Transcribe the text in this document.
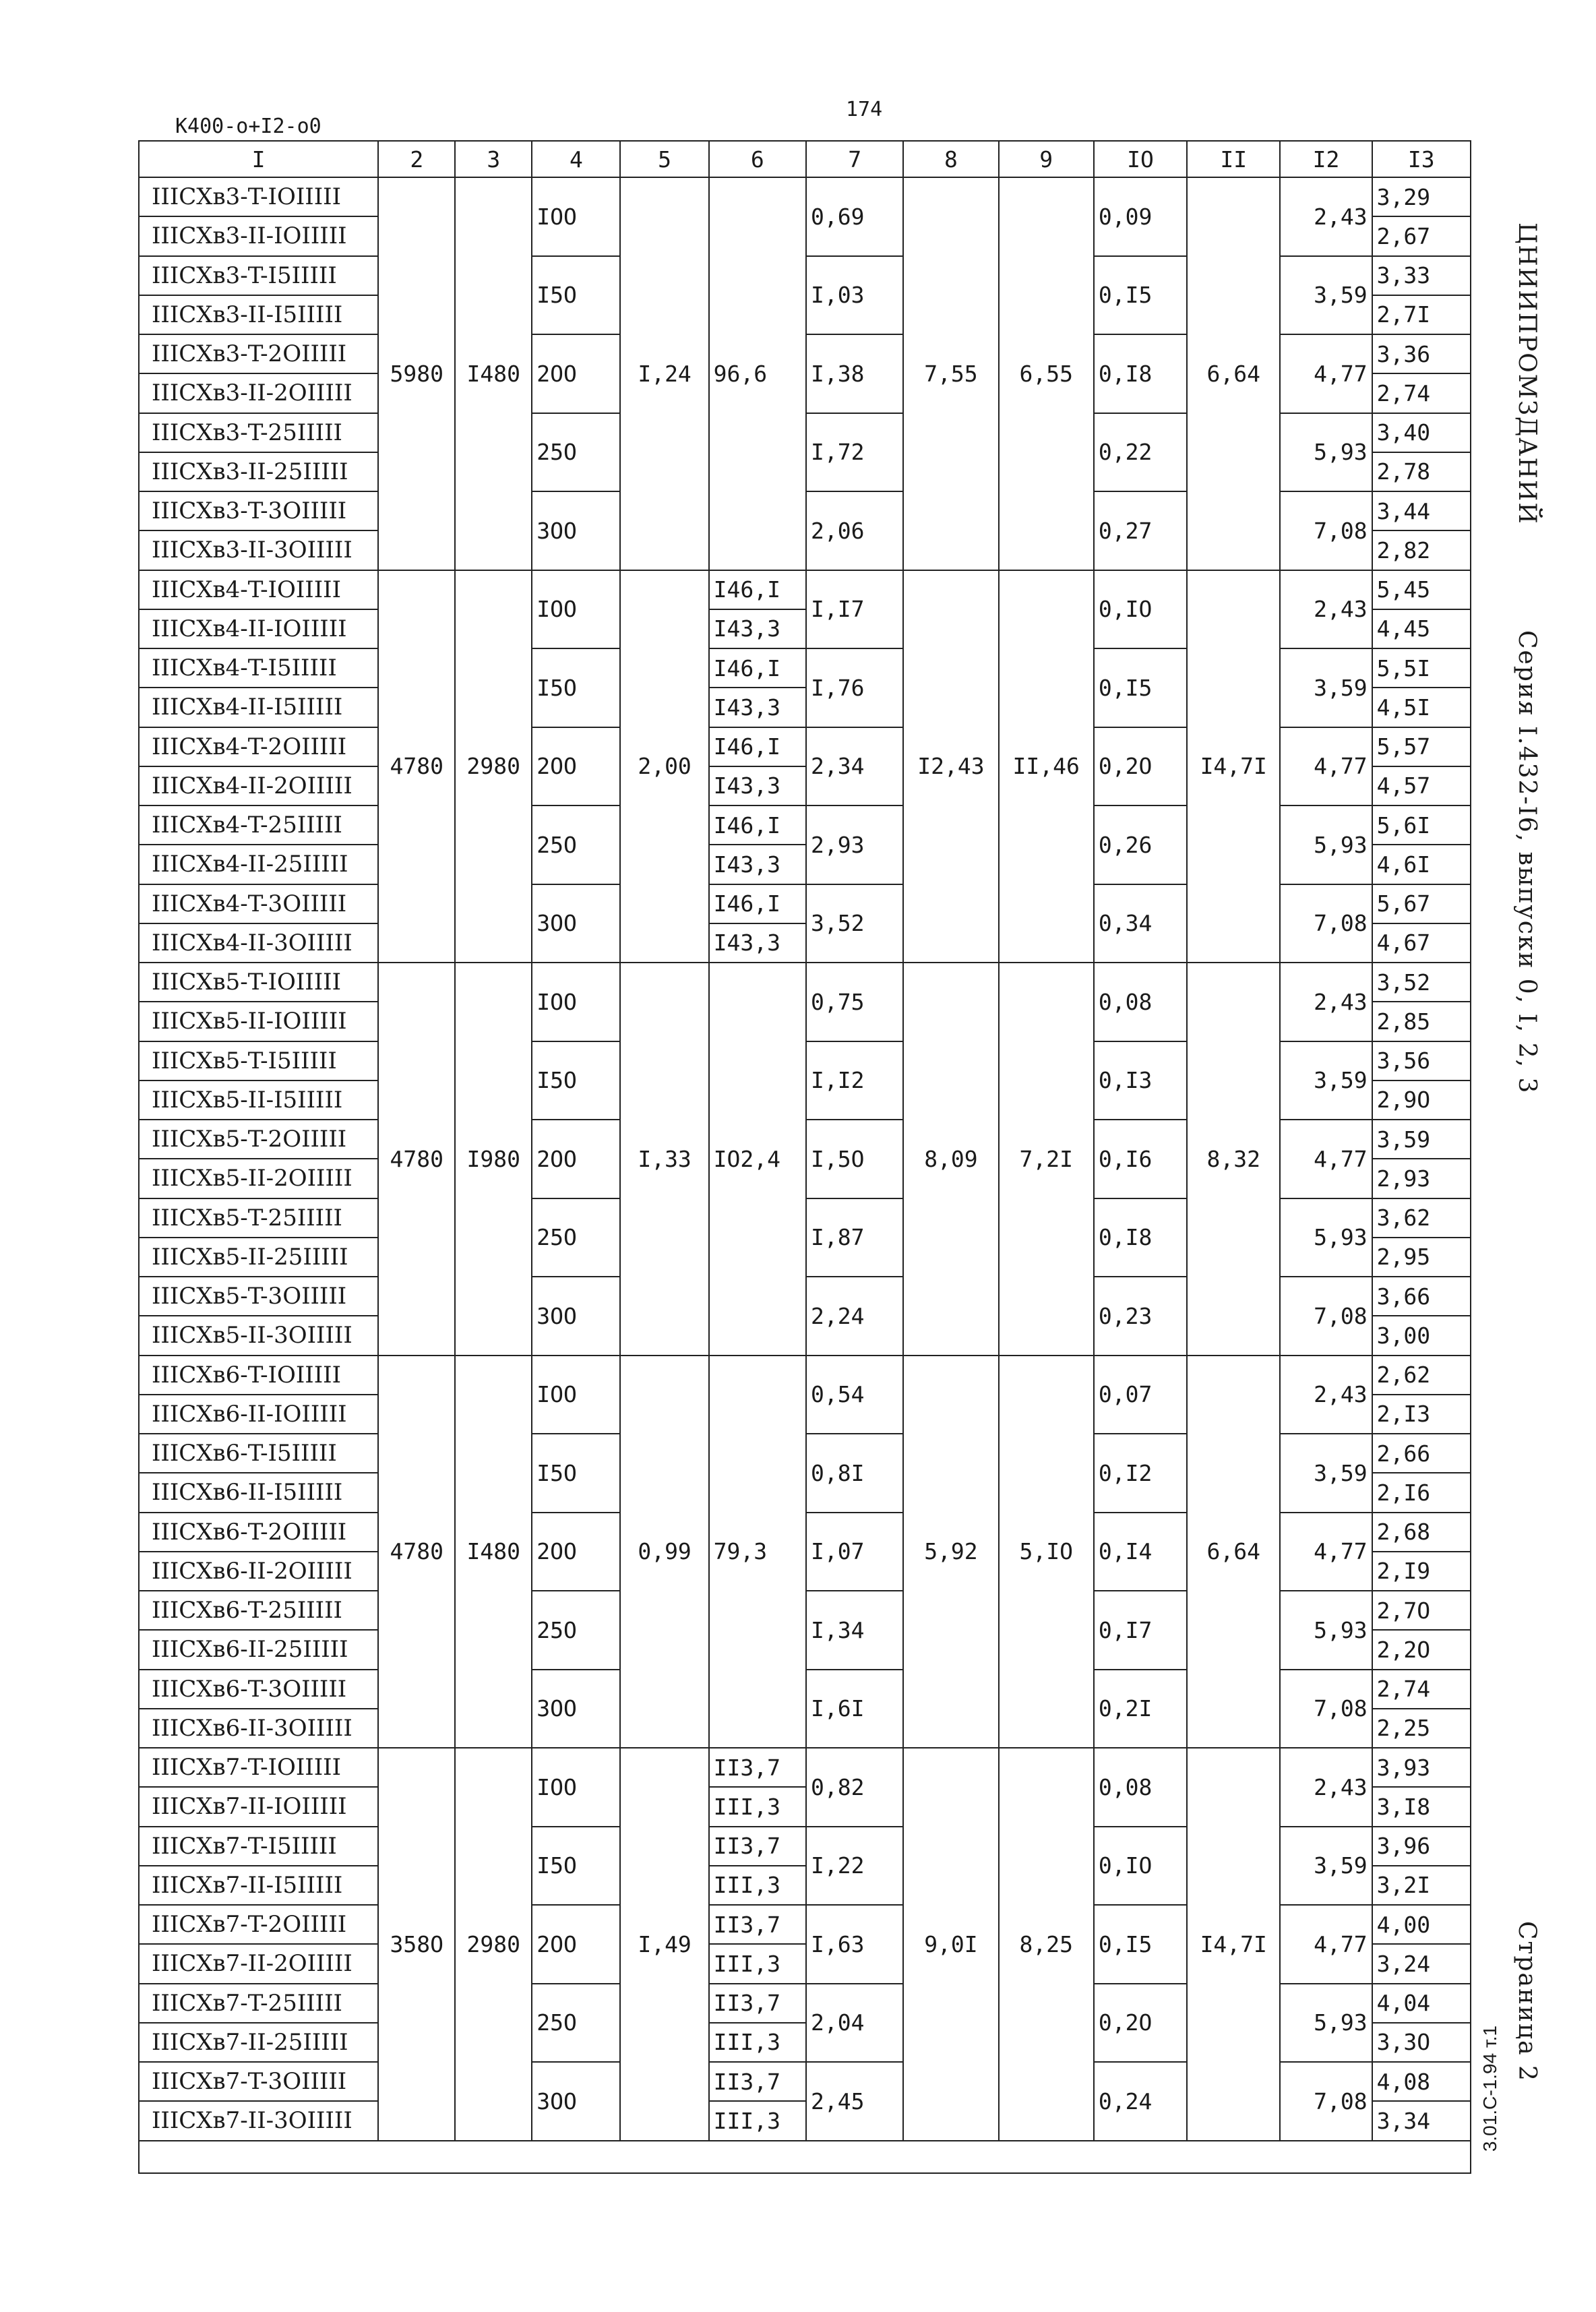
174
К400-о+I2-о0
ЦНИИПРОМЗДАНИЙ
Серия I.432-I6, выпуски 0, I, 2, 3
Страница 2
3.01.С-1.94 т.1
I	2	3	4	5	6	7	8	9	IO	II	I2	I3
IIICXв3-T-IOIIIII	5980	I480	IOO	I,24	96,6	0,69	7,55	6,55	0,09	6,64	2,43	3,29
IIICXв3-II-IOIIIII												2,67
IIICXв3-T-I5IIIII			I5O			I,03			0,I5		3,59	3,33
IIICXв3-II-I5IIIII												2,7I
IIICXв3-T-2OIIIII			2OO			I,38			0,I8		4,77	3,36
IIICXв3-II-2OIIIII												2,74
IIICXв3-T-25IIIII			25O			I,72			0,22		5,93	3,40
IIICXв3-II-25IIIII												2,78
IIICXв3-T-3OIIIII			3OO			2,06			0,27		7,08	3,44
IIICXв3-II-3OIIIII												2,82
IIICXв4-T-IOIIIII	4780	2980	IOO	2,00	I46,I	I,I7	I2,43	II,46	0,IO	I4,7I	2,43	5,45
IIICXв4-II-IOIIIII					I43,3							4,45
IIICXв4-T-I5IIIII			I5O		I46,I	I,76			0,I5		3,59	5,5I
IIICXв4-II-I5IIIII					I43,3							4,5I
IIICXв4-T-2OIIIII			2OO		I46,I	2,34			0,2O		4,77	5,57
IIICXв4-II-2OIIIII					I43,3							4,57
IIICXв4-T-25IIIII			25O		I46,I	2,93			0,26		5,93	5,6I
IIICXв4-II-25IIIII					I43,3							4,6I
IIICXв4-T-3OIIIII			3OO		I46,I	3,52			0,34		7,08	5,67
IIICXв4-II-3OIIIII					I43,3							4,67
IIICXв5-T-IOIIIII	4780	I980	IOO	I,33	IO2,4	0,75	8,09	7,2I	0,08	8,32	2,43	3,52
IIICXв5-II-IOIIIII												2,85
IIICXв5-T-I5IIIII			I5O			I,I2			0,I3		3,59	3,56
IIICXв5-II-I5IIIII												2,9O
IIICXв5-T-2OIIIII			2OO			I,5O			0,I6		4,77	3,59
IIICXв5-II-2OIIIII												2,93
IIICXв5-T-25IIIII			25O			I,87			0,I8		5,93	3,62
IIICXв5-II-25IIIII												2,95
IIICXв5-T-3OIIIII			3OO			2,24			0,23		7,08	3,66
IIICXв5-II-3OIIIII												3,00
IIICXв6-T-IOIIIII	4780	I480	IOO	0,99	79,3	0,54	5,92	5,IO	0,07	6,64	2,43	2,62
IIICXв6-II-IOIIIII												2,I3
IIICXв6-T-I5IIIII			I5O			0,8I			0,I2		3,59	2,66
IIICXв6-II-I5IIIII												2,I6
IIICXв6-T-2OIIIII			2OO			I,07			0,I4		4,77	2,68
IIICXв6-II-2OIIIII												2,I9
IIICXв6-T-25IIIII			25O			I,34			0,I7		5,93	2,7O
IIICXв6-II-25IIIII												2,2O
IIICXв6-T-3OIIIII			3OO			I,6I			0,2I		7,08	2,74
IIICXв6-II-3OIIIII												2,25
IIICXв7-T-IOIIIII	358O	2980	IOO	I,49	II3,7	0,82	9,0I	8,25	0,08	I4,7I	2,43	3,93
IIICXв7-II-IOIIIII					III,3							3,I8
IIICXв7-T-I5IIIII			I5O		II3,7	I,22			0,IO		3,59	3,96
IIICXв7-II-I5IIIII					III,3							3,2I
IIICXв7-T-2OIIIII			2OO		II3,7	I,63			0,I5		4,77	4,00
IIICXв7-II-2OIIIII					III,3							3,24
IIICXв7-T-25IIIII			25O		II3,7	2,04			0,2O		5,93	4,04
IIICXв7-II-25IIIII					III,3							3,3O
IIICXв7-T-3OIIIII			3OO		II3,7	2,45			0,24		7,08	4,08
IIICXв7-II-3OIIIII					III,3							3,34
